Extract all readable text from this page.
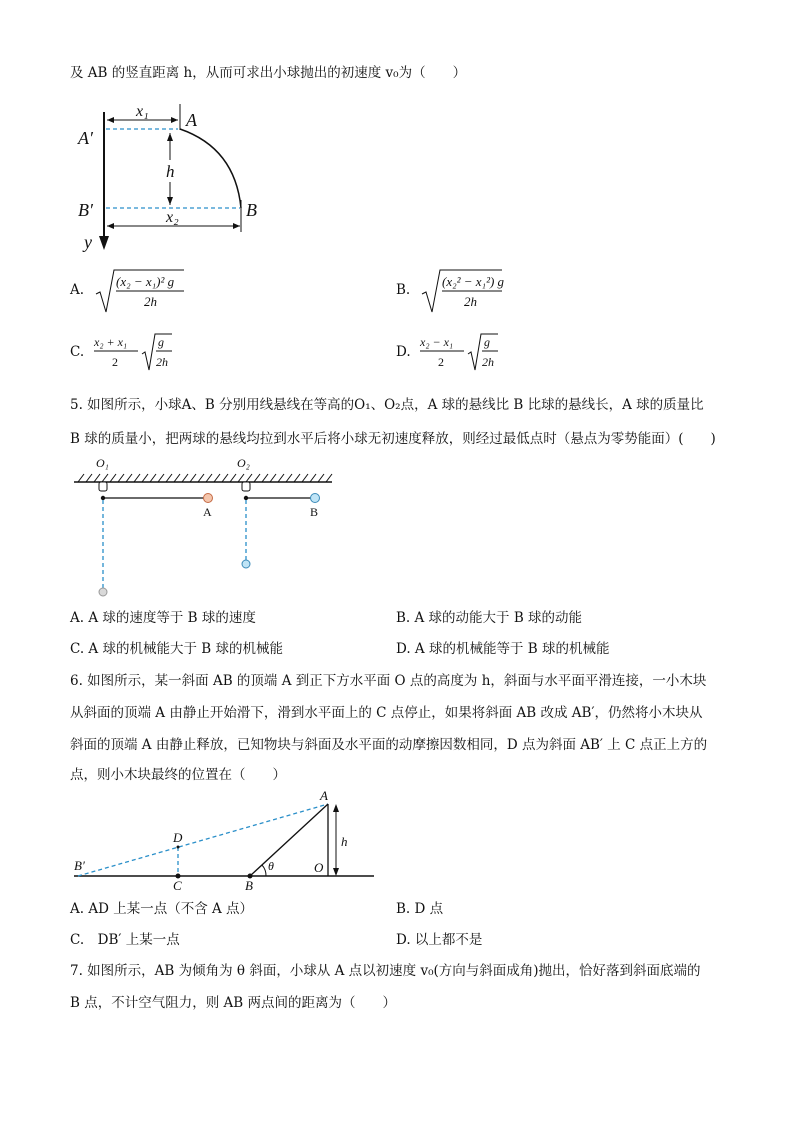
及 AB 的竖直距离 h，从而可求出小球抛出的初速度 v₀为（　　）
A′
A
B′	B
y
x₁
x₂
h
A.
(x₂ − x₁)² g
2h
B.
(x₂² − x₁²) g
2h
C.
x₂ + x₁
2
g
2h
D.
x₂ − x₁
2
g
2h
5. 如图所示，小球A、B 分别用线悬线在等高的O₁、O₂点，A 球的悬线比 B 比球的悬线长，A 球的质量比
B 球的质量小，把两球的悬线均拉到水平后将小球无初速度释放，则经过最低点时（悬点为零势能面）(　　)
O₁	O₂
A	B
A. A 球的速度等于 B 球的速度	B. A 球的动能大于 B 球的动能
C. A 球的机械能大于 B 球的机械能	D. A 球的机械能等于 B 球的机械能
6. 如图所示，某一斜面 AB 的顶端 A 到正下方水平面 O 点的高度为 h，斜面与水平面平滑连接，一小木块
从斜面的顶端 A 由静止开始滑下，滑到水平面上的 C 点停止，如果将斜面 AB 改成 AB′，仍然将小木块从
斜面的顶端 A 由静止释放，已知物块与斜面及水平面的动摩擦因数相同，D 点为斜面 AB′ 上 C 点正上方的
点，则小木块最终的位置在（　　）
A
D
B′
C	B
O
h
θ
A. AD 上某一点（不含 A 点）	B. D 点
C.　DB′ 上某一点	D. 以上都不是
7. 如图所示，AB 为倾角为 θ 斜面，小球从 A 点以初速度 v₀(方向与斜面成角)抛出，恰好落到斜面底端的
B 点，不计空气阻力，则 AB 两点间的距离为（　　）
